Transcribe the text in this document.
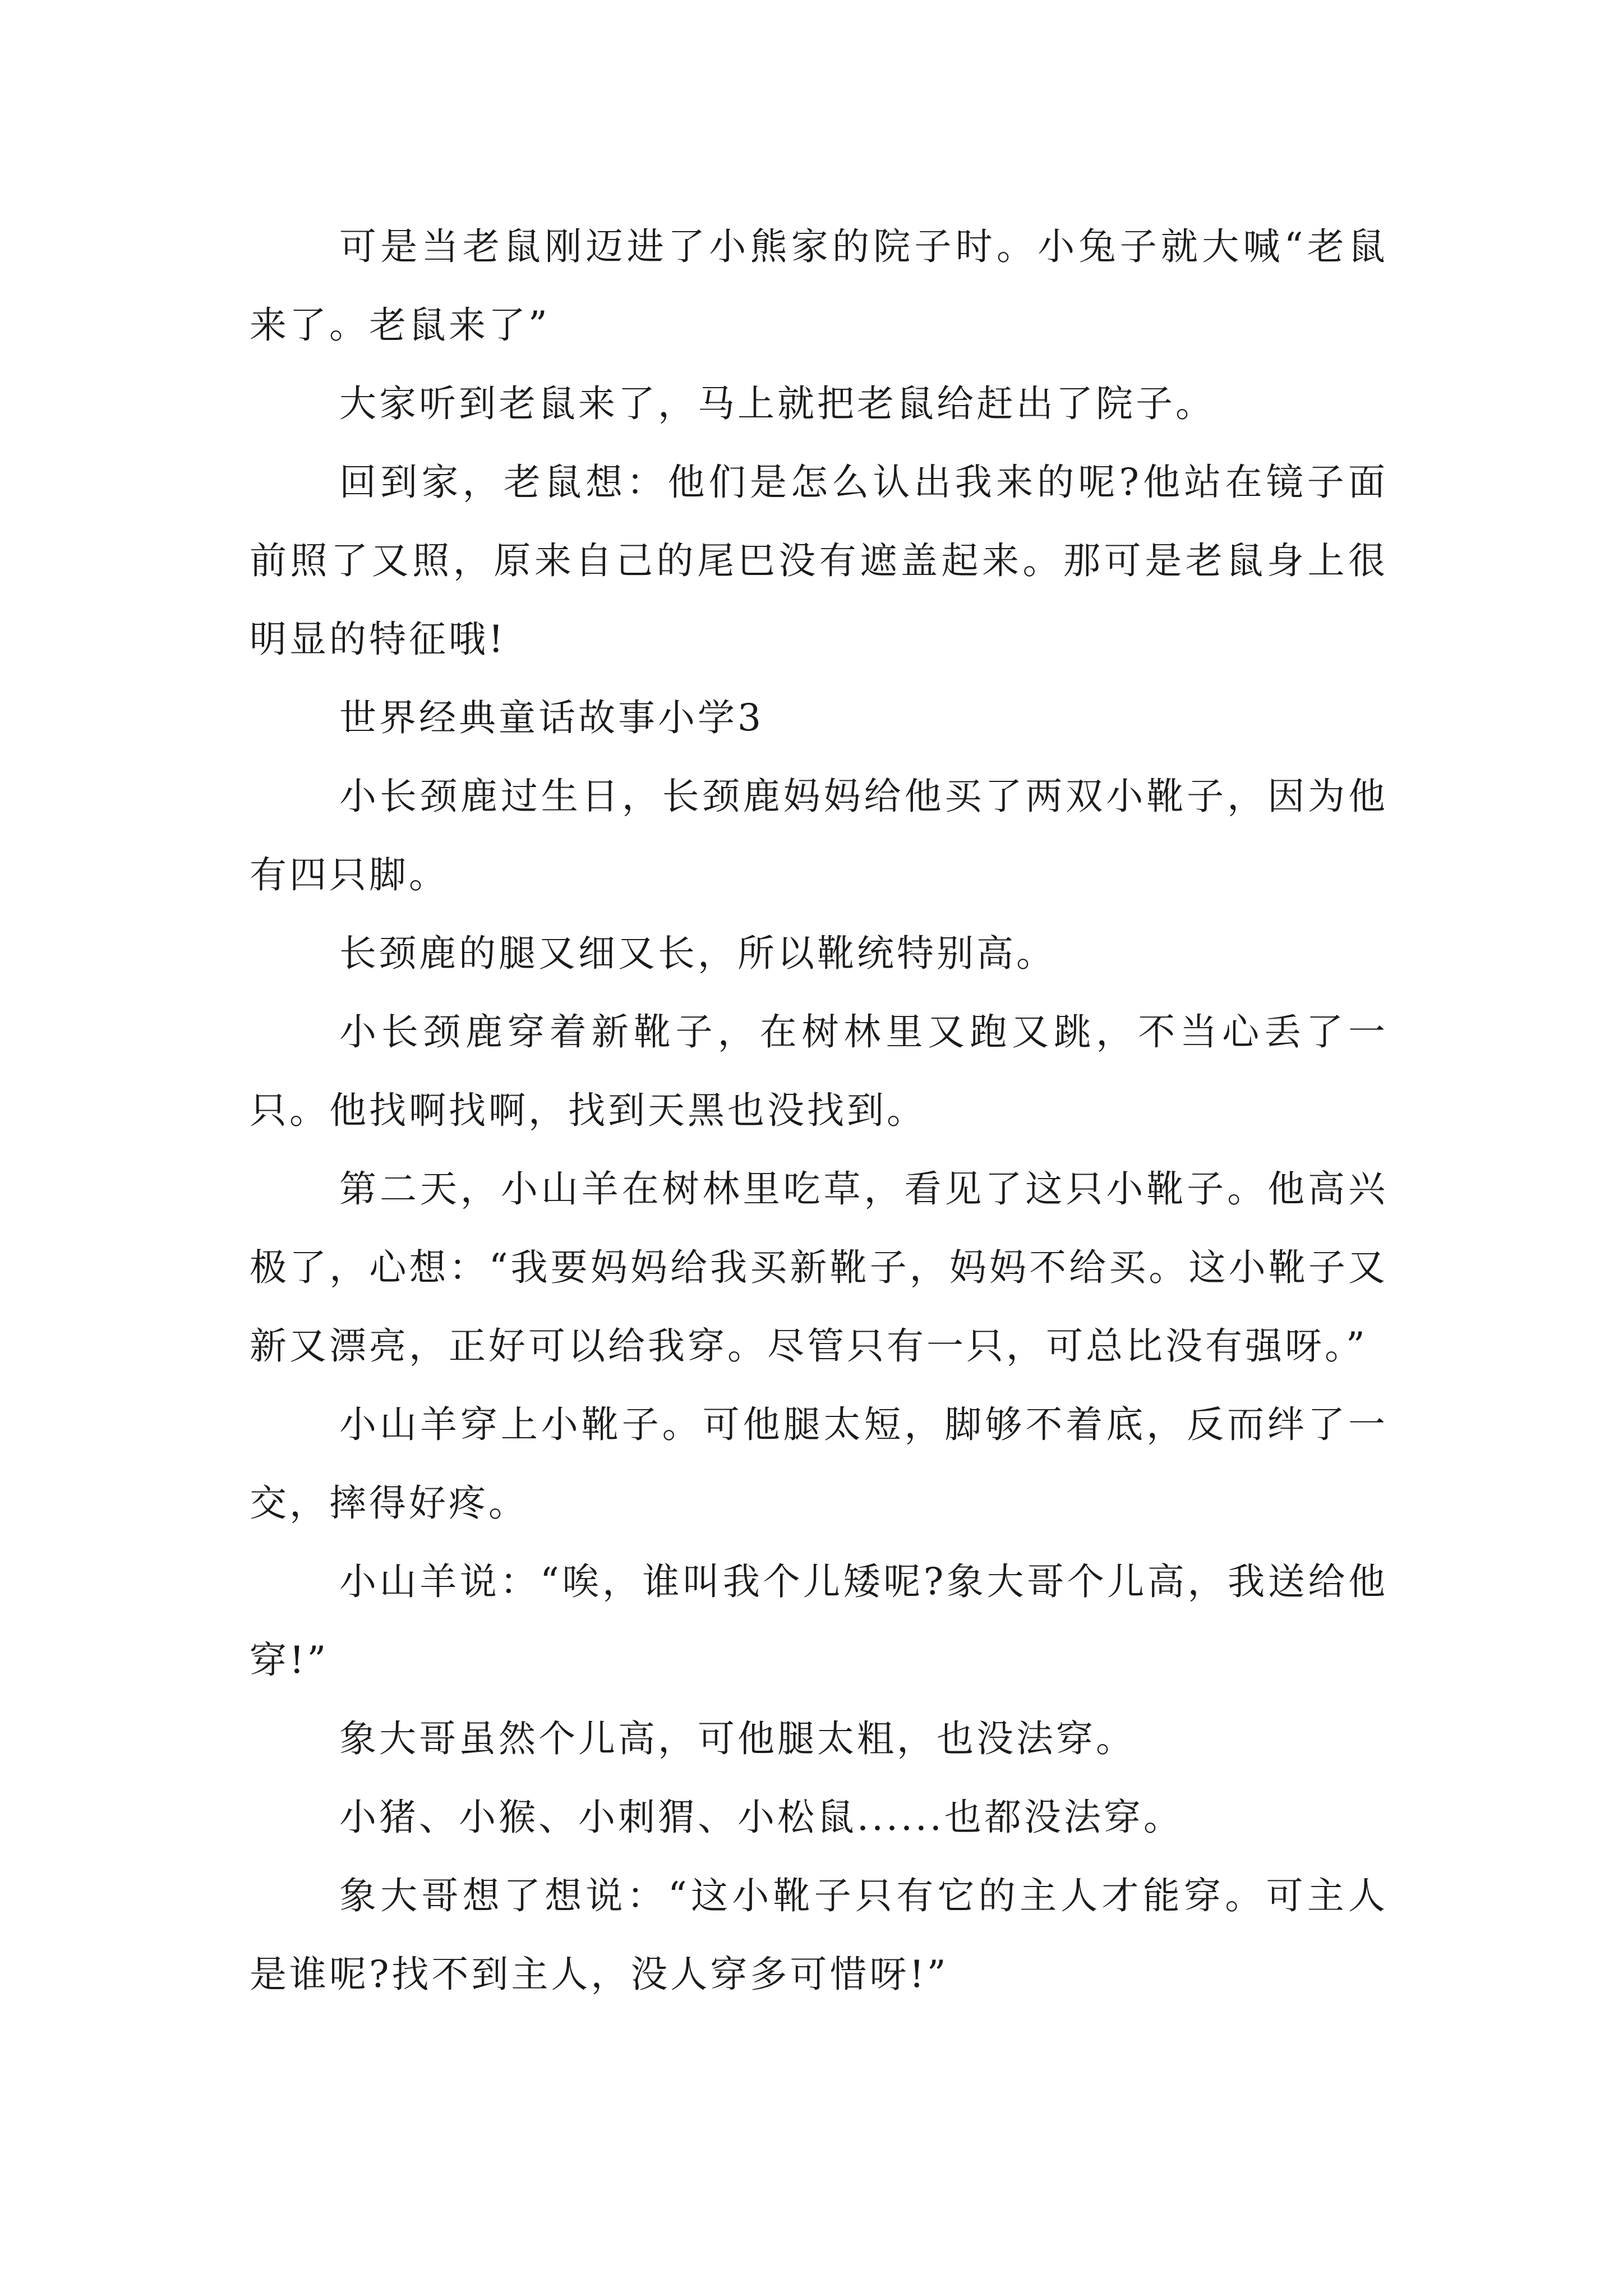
可是当老鼠刚迈进了小熊家的院子时。小兔子就大喊“老鼠来了。老鼠来了”

大家听到老鼠来了，马上就把老鼠给赶出了院子。

回到家，老鼠想：他们是怎么认出我来的呢?他站在镜子面前照了又照，原来自己的尾巴没有遮盖起来。那可是老鼠身上很明显的特征哦!

世界经典童话故事小学3

小长颈鹿过生日，长颈鹿妈妈给他买了两双小靴子，因为他有四只脚。

长颈鹿的腿又细又长，所以靴统特别高。

小长颈鹿穿着新靴子，在树林里又跑又跳，不当心丢了一只。他找啊找啊，找到天黑也没找到。

第二天，小山羊在树林里吃草，看见了这只小靴子。他高兴极了，心想：“我要妈妈给我买新靴子，妈妈不给买。这小靴子又新又漂亮，正好可以给我穿。尽管只有一只，可总比没有强呀。”

小山羊穿上小靴子。可他腿太短，脚够不着底，反而绊了一交，摔得好疼。

小山羊说：“唉，谁叫我个儿矮呢?象大哥个儿高，我送给他穿!”

象大哥虽然个儿高，可他腿太粗，也没法穿。

小猪、小猴、小刺猬、小松鼠......也都没法穿。

象大哥想了想说：“这小靴子只有它的主人才能穿。可主人是谁呢?找不到主人，没人穿多可惜呀!”
